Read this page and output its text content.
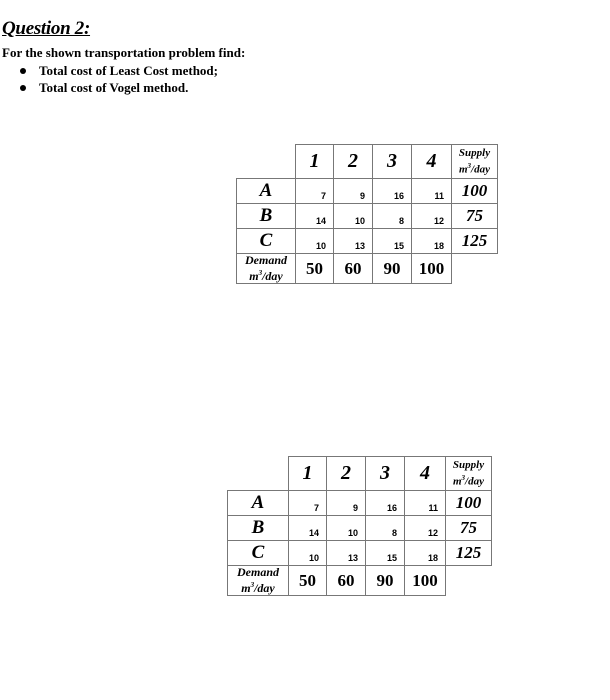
Question 2:
For the shown transportation problem find:
Total cost of Least Cost method;
Total cost of Vogel method.
	1	2	3	4	Supply
$m^3$/day

A	7	9	16	11	100
B	14	10	8	12	75
C	10	13	15	18	125

Demand
$m^3$/day	50	60	90	100	
	1	2	3	4	Supply
$m^3$/day

A	7	9	16	11	100
B	14	10	8	12	75
C	10	13	15	18	125

Demand
$m^3$/day	50	60	90	100	
